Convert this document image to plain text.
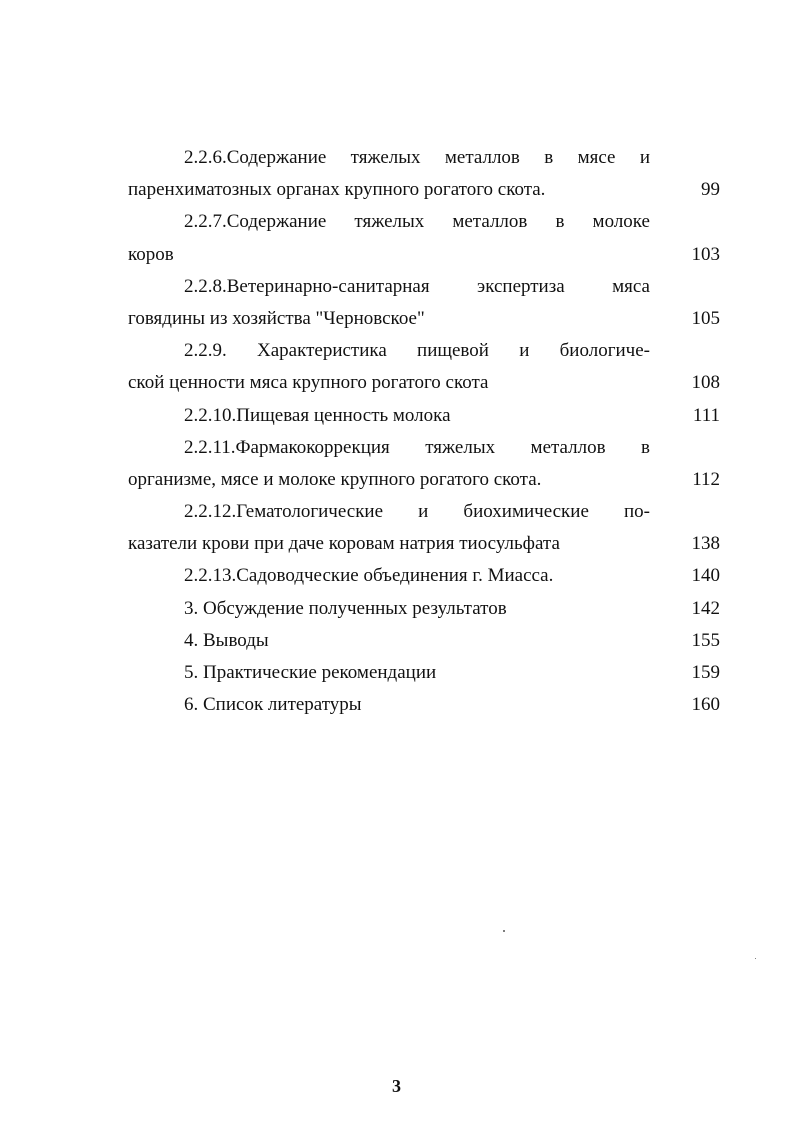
2.2.6.Содержание тяжелых металлов в мясе и
паренхиматозных органах крупного рогатого скота.	99
2.2.7.Содержание тяжелых металлов в молоке
коров	103
2.2.8.Ветеринарно-санитарная экспертиза мяса
говядины из хозяйства "Черновское"	105
2.2.9. Характеристика пищевой и биологиче-
ской ценности мяса крупного рогатого скота	108
2.2.10.Пищевая ценность молока	111
2.2.11.Фармакокоррекция тяжелых металлов в
организме, мясе и молоке крупного рогатого скота.	112
2.2.12.Гематологические и биохимические по-
казатели крови при даче коровам натрия тиосульфата	138
2.2.13.Садоводческие объединения г. Миасса.	140
3. Обсуждение полученных результатов	142
4. Выводы	155
5. Практические рекомендации	159
6. Список литературы	160
3
